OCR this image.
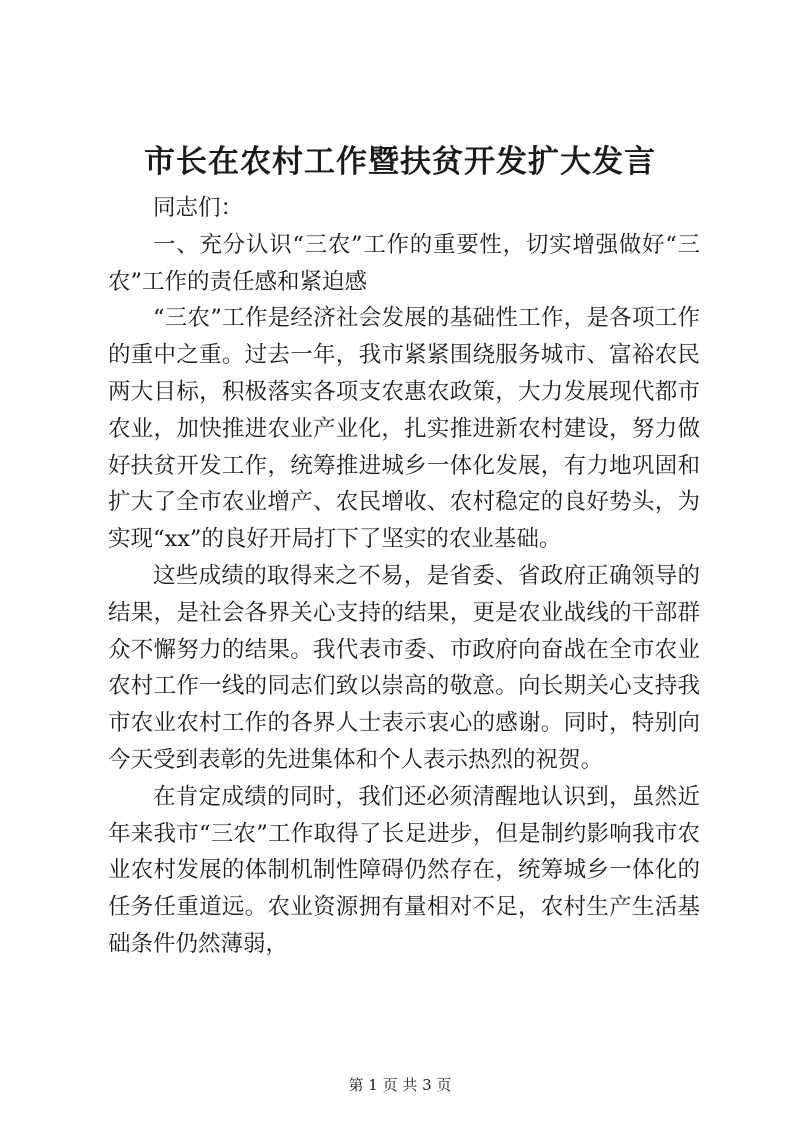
市长在农村工作暨扶贫开发扩大发言

同志们：

一、充分认识“三农”工作的重要性，切实增强做好“三农”工作的责任感和紧迫感

“三农”工作是经济社会发展的基础性工作，是各项工作的重中之重。过去一年，我市紧紧围绕服务城市、富裕农民两大目标，积极落实各项支农惠农政策，大力发展现代都市农业，加快推进农业产业化，扎实推进新农村建设，努力做好扶贫开发工作，统筹推进城乡一体化发展，有力地巩固和扩大了全市农业增产、农民增收、农村稳定的良好势头，为实现“xx”的良好开局打下了坚实的农业基础。

这些成绩的取得来之不易，是省委、省政府正确领导的结果，是社会各界关心支持的结果，更是农业战线的干部群众不懈努力的结果。我代表市委、市政府向奋战在全市农业农村工作一线的同志们致以崇高的敬意。向长期关心支持我市农业农村工作的各界人士表示衷心的感谢。同时，特别向今天受到表彰的先进集体和个人表示热烈的祝贺。

在肯定成绩的同时，我们还必须清醒地认识到，虽然近年来我市“三农”工作取得了长足进步，但是制约影响我市农业农村发展的体制机制性障碍仍然存在，统筹城乡一体化的任务任重道远。农业资源拥有量相对不足，农村生产生活基础条件仍然薄弱，

第 1 页 共 3 页
